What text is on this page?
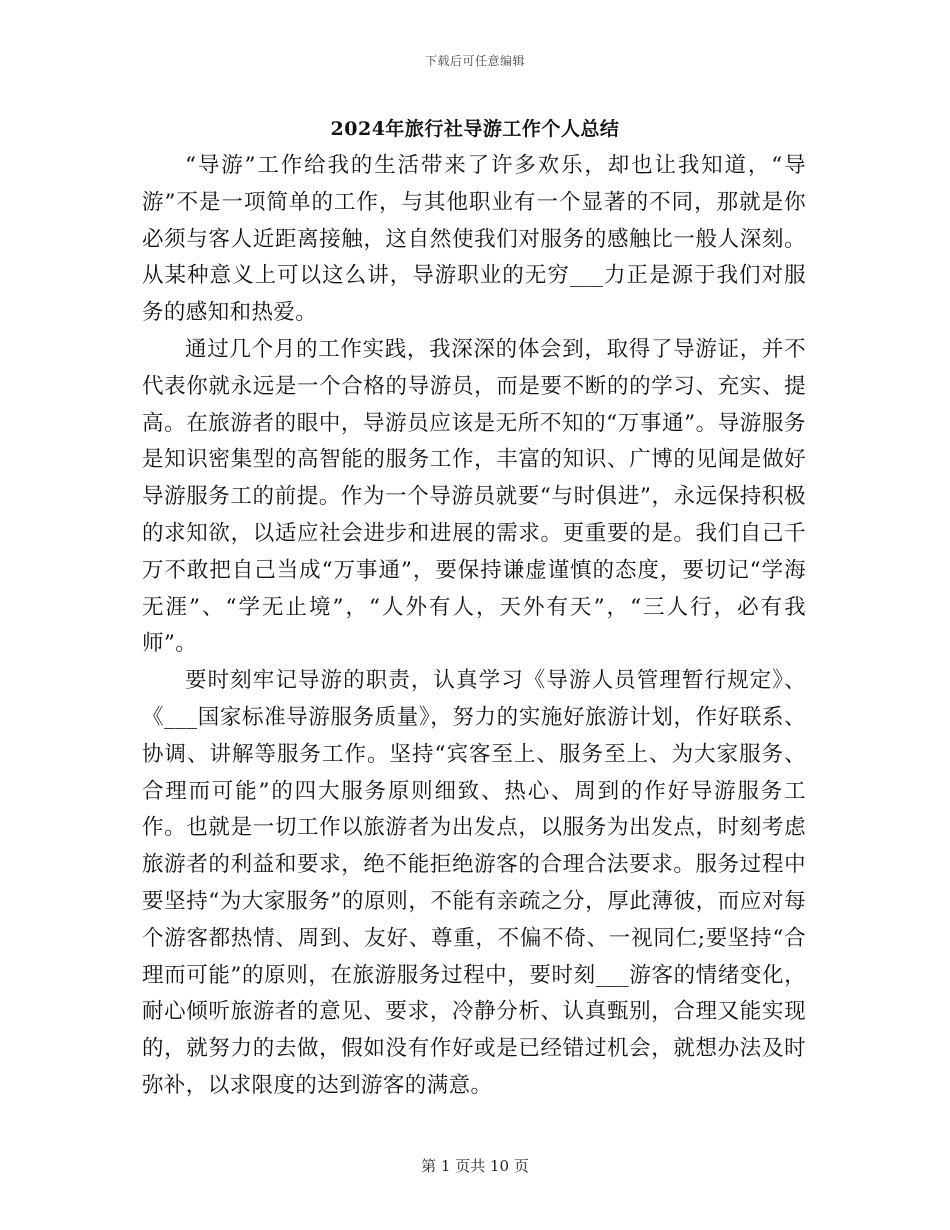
下载后可任意编辑
2024年旅行社导游工作个人总结

“导游”工作给我的生活带来了许多欢乐，却也让我知道，“导游”不是一项简单的工作，与其他职业有一个显著的不同，那就是你必须与客人近距离接触，这自然使我们对服务的感触比一般人深刻。从某种意义上可以这么讲，导游职业的无穷___力正是源于我们对服务的感知和热爱。

通过几个月的工作实践，我深深的体会到，取得了导游证，并不代表你就永远是一个合格的导游员，而是要不断的的学习、充实、提高。在旅游者的眼中，导游员应该是无所不知的“万事通”。导游服务是知识密集型的高智能的服务工作，丰富的知识、广博的见闻是做好导游服务工的前提。作为一个导游员就要“与时俱进”，永远保持积极的求知欲，以适应社会进步和进展的需求。更重要的是。我们自己千万不敢把自己当成“万事通”，要保持谦虚谨慎的态度，要切记“学海无涯”、“学无止境”，“人外有人，天外有天”，“三人行，必有我师”。

要时刻牢记导游的职责，认真学习《导游人员管理暂行规定》、《___国家标准导游服务质量》，努力的实施好旅游计划，作好联系、协调、讲解等服务工作。坚持“宾客至上、服务至上、为大家服务、合理而可能”的四大服务原则细致、热心、周到的作好导游服务工作。也就是一切工作以旅游者为出发点，以服务为出发点，时刻考虑旅游者的利益和要求，绝不能拒绝游客的合理合法要求。服务过程中要坚持“为大家服务”的原则，不能有亲疏之分，厚此薄彼，而应对每个游客都热情、周到、友好、尊重，不偏不倚、一视同仁;要坚持“合理而可能”的原则，在旅游服务过程中，要时刻___游客的情绪变化，耐心倾听旅游者的意见、要求，冷静分析、认真甄别，合理又能实现的，就努力的去做，假如没有作好或是已经错过机会，就想办法及时弥补，以求限度的达到游客的满意。

第 1 页共 10 页
